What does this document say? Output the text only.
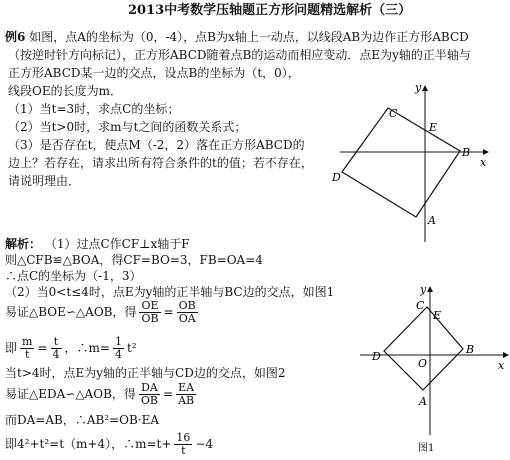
2013中考数学压轴题正方形问题精选解析（三）
例6 如图，点A的坐标为（0，-4），点B为x轴上一动点，以线段AB为边作正方形ABCD
（按逆时针方向标记），正方形ABCD随着点B的运动而相应变动．点E为y轴的正半轴与
正方形ABCD某一边的交点，设点B的坐标为（t，0），
线段OE的长度为m．
（1）当t=3时，求点C的坐标；
（2）当t>0时，求m与t之间的函数关系式；
（3）是否存在t，使点M（-2，2）落在正方形ABCD的
边上？若存在，请求出所有符合条件的t的值；若不存在，
请说明理由．
y
x
C
E
B
D
A
解析： （1）过点C作CF⊥x轴于F
则△CFB≌△BOA，得CF=BO=3，FB=OA=4
∴点C的坐标为（-1，3）
（2）当0<t≤4时，点E为y轴的正半轴与BC边的交点，如图1
易证△BOE∽△AOB，得 $\frac{OE}{OB} = \frac{OB}{OA}$
即 $\frac{m}{t} = \frac{t}{4}$ ，∴m= $\frac{1}{4} t^2$
当t>4时，点E为y轴的正半轴与CD边的交点，如图2
易证△EDA∽△AOB，得 $\frac{DA}{OB} = \frac{EA}{AB}$
而DA=AB，∴AB²=OB·EA
即4²+t²=t（m+4），∴m=t+ $\frac{16}{t} -4$
y
x
C
E
B
D
O
A
图1
